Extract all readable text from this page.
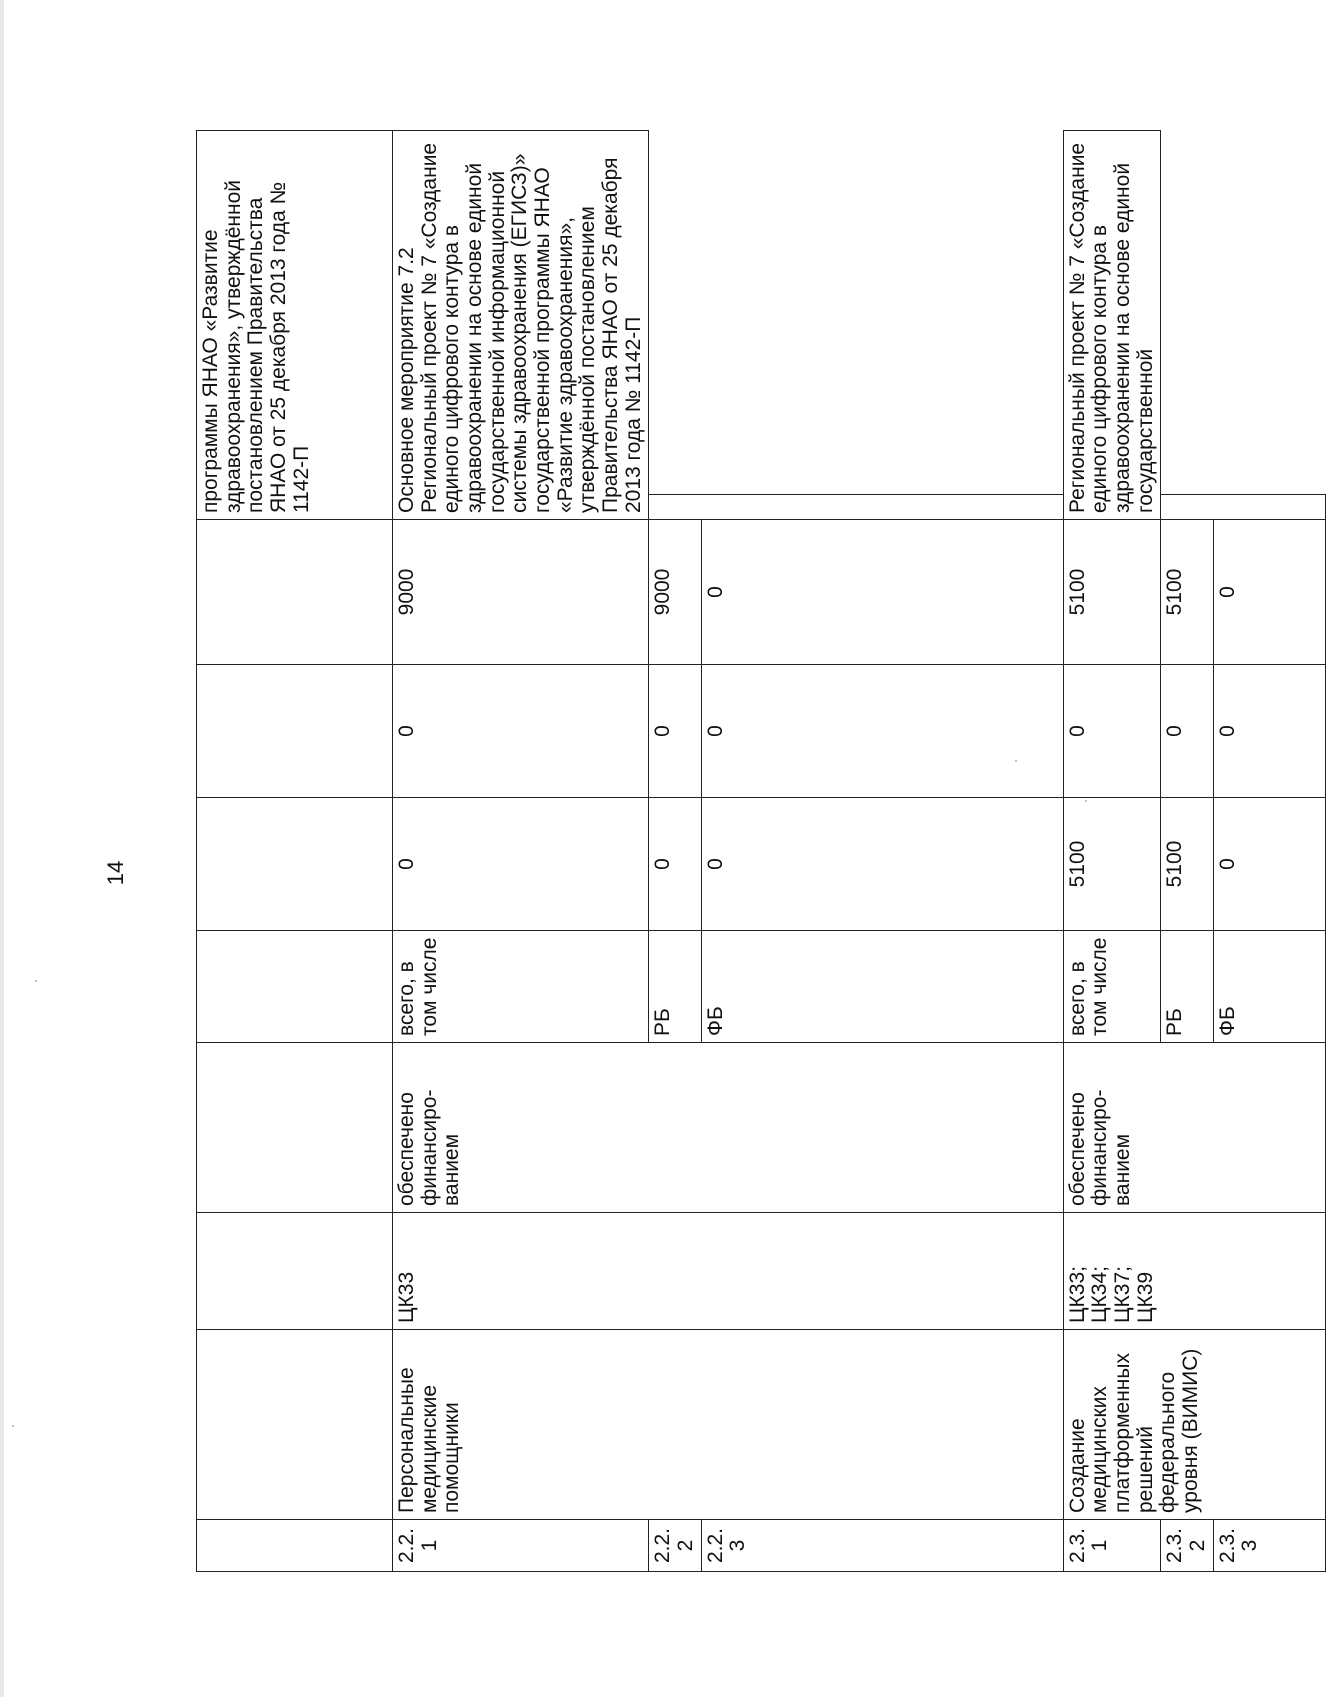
14
								программы ЯНАО «Развитие здравоохранения», утверждённой постановлением Правительства ЯНАО от 25 декабря 2013 года № 1142-П
2.2.1	Персональные медицинские помощники	ЦК33	обеспечено финансиро- ванием	всего, в том числе	0	0	9000	Основное мероприятие 7.2 Региональный проект № 7 «Создание единого цифрового контура в здравоохранении на основе единой государственной информационной системы здравоохранения (ЕГИСЗ)» государственной программы ЯНАО «Развитие здравоохранения», утверждённой постановлением Правительства ЯНАО от 25 декабря 2013 года № 1142-П
2.2.2				РБ	0	0	9000	
2.2.3				ФБ	0	0	0	
2.3.1	Создание медицинских платформенных решений федерального уровня (ВИМИС)	ЦК33; ЦК34; ЦК37; ЦК39	обеспечено финансиро- ванием	всего, в том числе	5100	0	5100	Региональный проект № 7 «Создание единого цифрового контура в здравоохранении на основе единой государственной
2.3.2				РБ	5100	0	5100	
2.3.3				ФБ	0	0	0	
